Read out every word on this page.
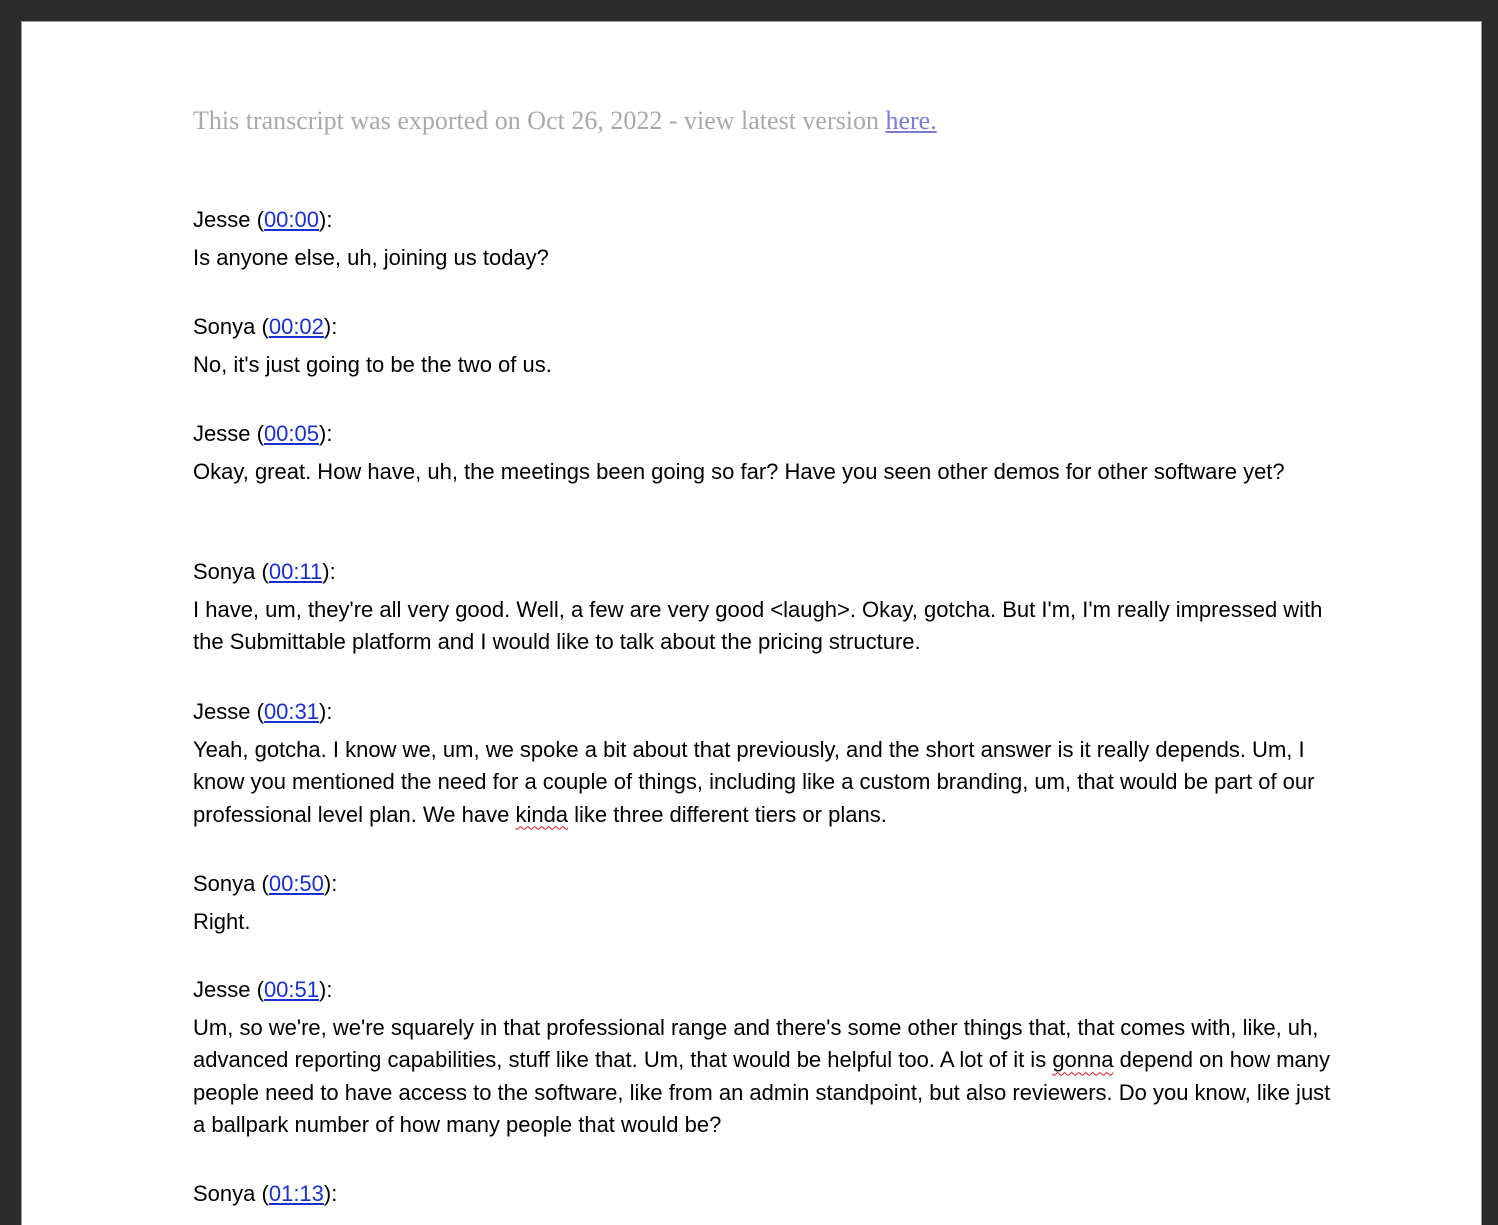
This transcript was exported on Oct 26, 2022 - view latest version here.
Jesse (00:00):

Is anyone else, uh, joining us today?

Sonya (00:02):

No, it's just going to be the two of us.

Jesse (00:05):

Okay, great. How have, uh, the meetings been going so far? Have you seen other demos for other software yet?

Sonya (00:11):

I have, um, they're all very good. Well, a few are very good <laugh>. Okay, gotcha. But I'm, I'm really impressed with the Submittable platform and I would like to talk about the pricing structure.

Jesse (00:31):

Yeah, gotcha. I know we, um, we spoke a bit about that previously, and the short answer is it really depends. Um, I know you mentioned the need for a couple of things, including like a custom branding, um, that would be part of our professional level plan. We have kinda like three different tiers or plans.

Sonya (00:50):

Right.

Jesse (00:51):

Um, so we're, we're squarely in that professional range and there's some other things that, that comes with, like, uh, advanced reporting capabilities, stuff like that. Um, that would be helpful too. A lot of it is gonna depend on how many people need to have access to the software, like from an admin standpoint, but also reviewers. Do you know, like just a ballpark number of how many people that would be?

Sonya (01:13):
